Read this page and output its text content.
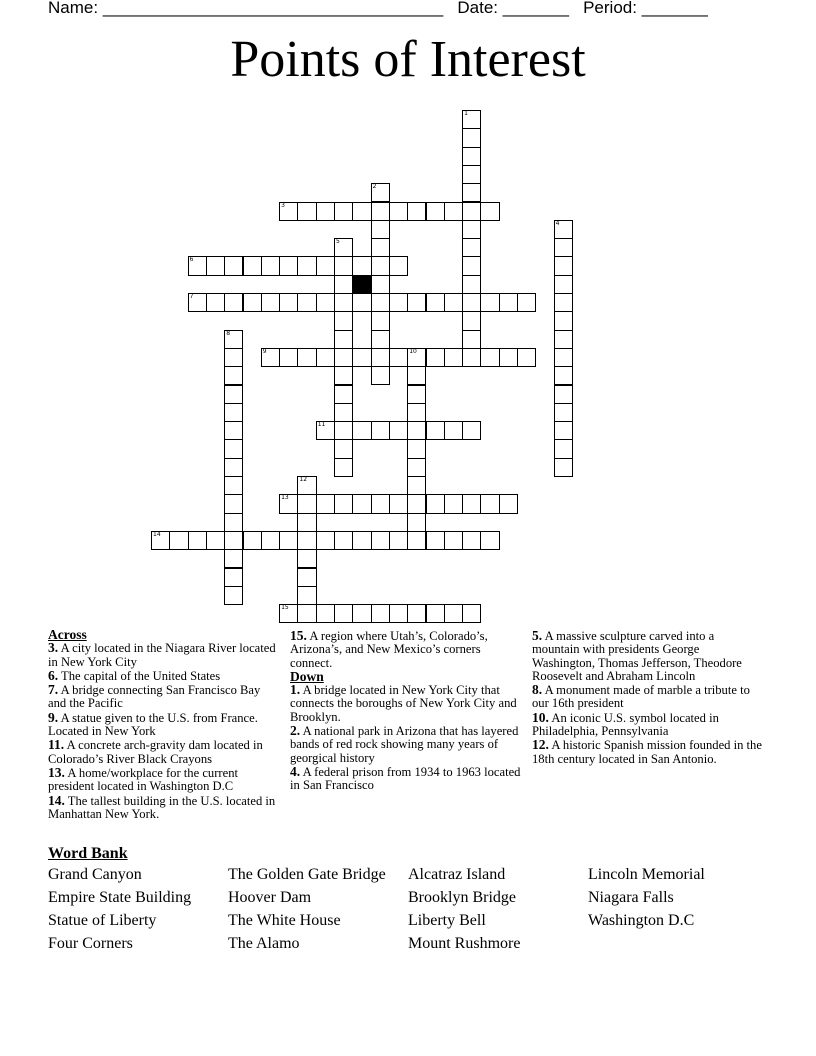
Name: ____________________________________ Date: _______ Period: _______
Points of Interest
1
2
3
4
5
6
7
8
9	10
11
12
13
14
15
Across

3. A city located in the Niagara River located in New York City

6. The capital of the United States

7. A bridge connecting San Francisco Bay and the Pacific

9. A statue given to the U.S. from France. Located in New York

11. A concrete arch-gravity dam located in Colorado’s River Black Crayons

13. A home/workplace for the current president located in Washington D.C

14. The tallest building in the U.S. located in Manhattan New York.

15. A region where Utah’s, Colorado’s, Arizona’s, and New Mexico’s corners connect.

Down

1. A bridge located in New York City that connects the boroughs of New York City and Brooklyn.

2. A national park in Arizona that has layered bands of red rock showing many years of georgical history

4. A federal prison from 1934 to 1963 located in San Francisco

5. A massive sculpture carved into a mountain with presidents George Washington, Thomas Jefferson, Theodore Roosevelt and Abraham Lincoln

8. A monument made of marble a tribute to our 16th president

10. An iconic U.S. symbol located in Philadelphia, Pennsylvania

12. A historic Spanish mission founded in the 18th century located in San Antonio.

Word Bank
Grand Canyon
Empire State Building
Statue of Liberty
Four Corners
The Golden Gate Bridge
Hoover Dam
The White House
The Alamo
Alcatraz Island
Brooklyn Bridge
Liberty Bell
Mount Rushmore
Lincoln Memorial
Niagara Falls
Washington D.C
